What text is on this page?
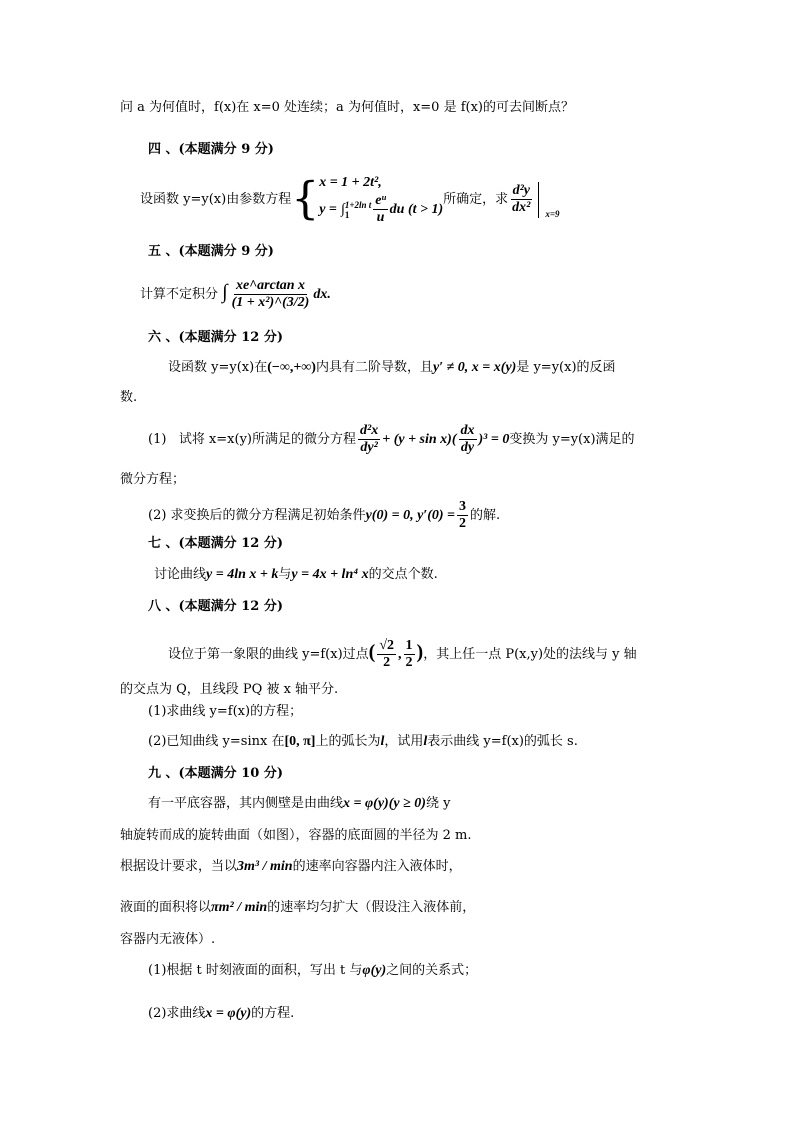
问 a 为何值时，f(x)在 x=0 处连续；a 为何值时，x=0 是 f(x)的可去间断点？
四 、(本题满分 9 分)
设函数 y=y(x)由参数方程{ x = 1 + 2t²,
y = ∫ 1+2ln t
1	$\frac{\text{eᵘ}}{u}$ du (t > 1)
所确定，求 $\frac{\text{d²y}}{\text{dx²}} _{x=9}$
五 、(本题满分 9 分)
计算不定积分 ∫ $\frac{\text{xe\textasciicircum{}arctan x}}{\text{(1 + x²)\textasciicircum{}(3/2)}}$ dx.
六 、(本题满分 12 分)
设函数 y=y(x)在(−∞,+∞)内具有二阶导数，且y′ ≠ 0, x = x(y)是 y=y(x)的反函
数.
(1) 试将 x=x(y)所满足的微分方程 $\frac{\text{d²x}}{\text{dy²}} + (y + \sin x)( \frac{dx}{dy} )^3 = 0$变换为 y=y(x)满足的
微分方程；
(2) 求变换后的微分方程满足初始条件y(0) = 0, $y'(0) = \frac{3}{2}$ 的解.
七 、(本题满分 12 分)
讨论曲线y = 4ln x + k与y = 4x + ln⁴ x的交点个数.
八 、(本题满分 12 分)
设位于第一象限的曲线 y=f(x)过点( $\frac{√2}{2}$ , $\frac{1}{2}$ )，其上任一点 P(x,y)处的法线与 y 轴
的交点为 Q，且线段 PQ 被 x 轴平分.
(1)求曲线 y=f(x)的方程；
(2)已知曲线 y=sinx 在[0, π]上的弧长为l，试用l表示曲线 y=f(x)的弧长 s.
九 、(本题满分 10 分)
有一平底容器，其内侧壁是由曲线x = φ(y)(y ≥ 0)绕 y
轴旋转而成的旋转曲面（如图），容器的底面圆的半径为 2 m.
根据设计要求，当以3m³ / min的速率向容器内注入液体时，
液面的面积将以πm² / min的速率均匀扩大（假设注入液体前，
容器内无液体）.
(1)根据 t 时刻液面的面积，写出 t 与φ(y)之间的关系式；
(2)求曲线x = φ(y)的方程.
